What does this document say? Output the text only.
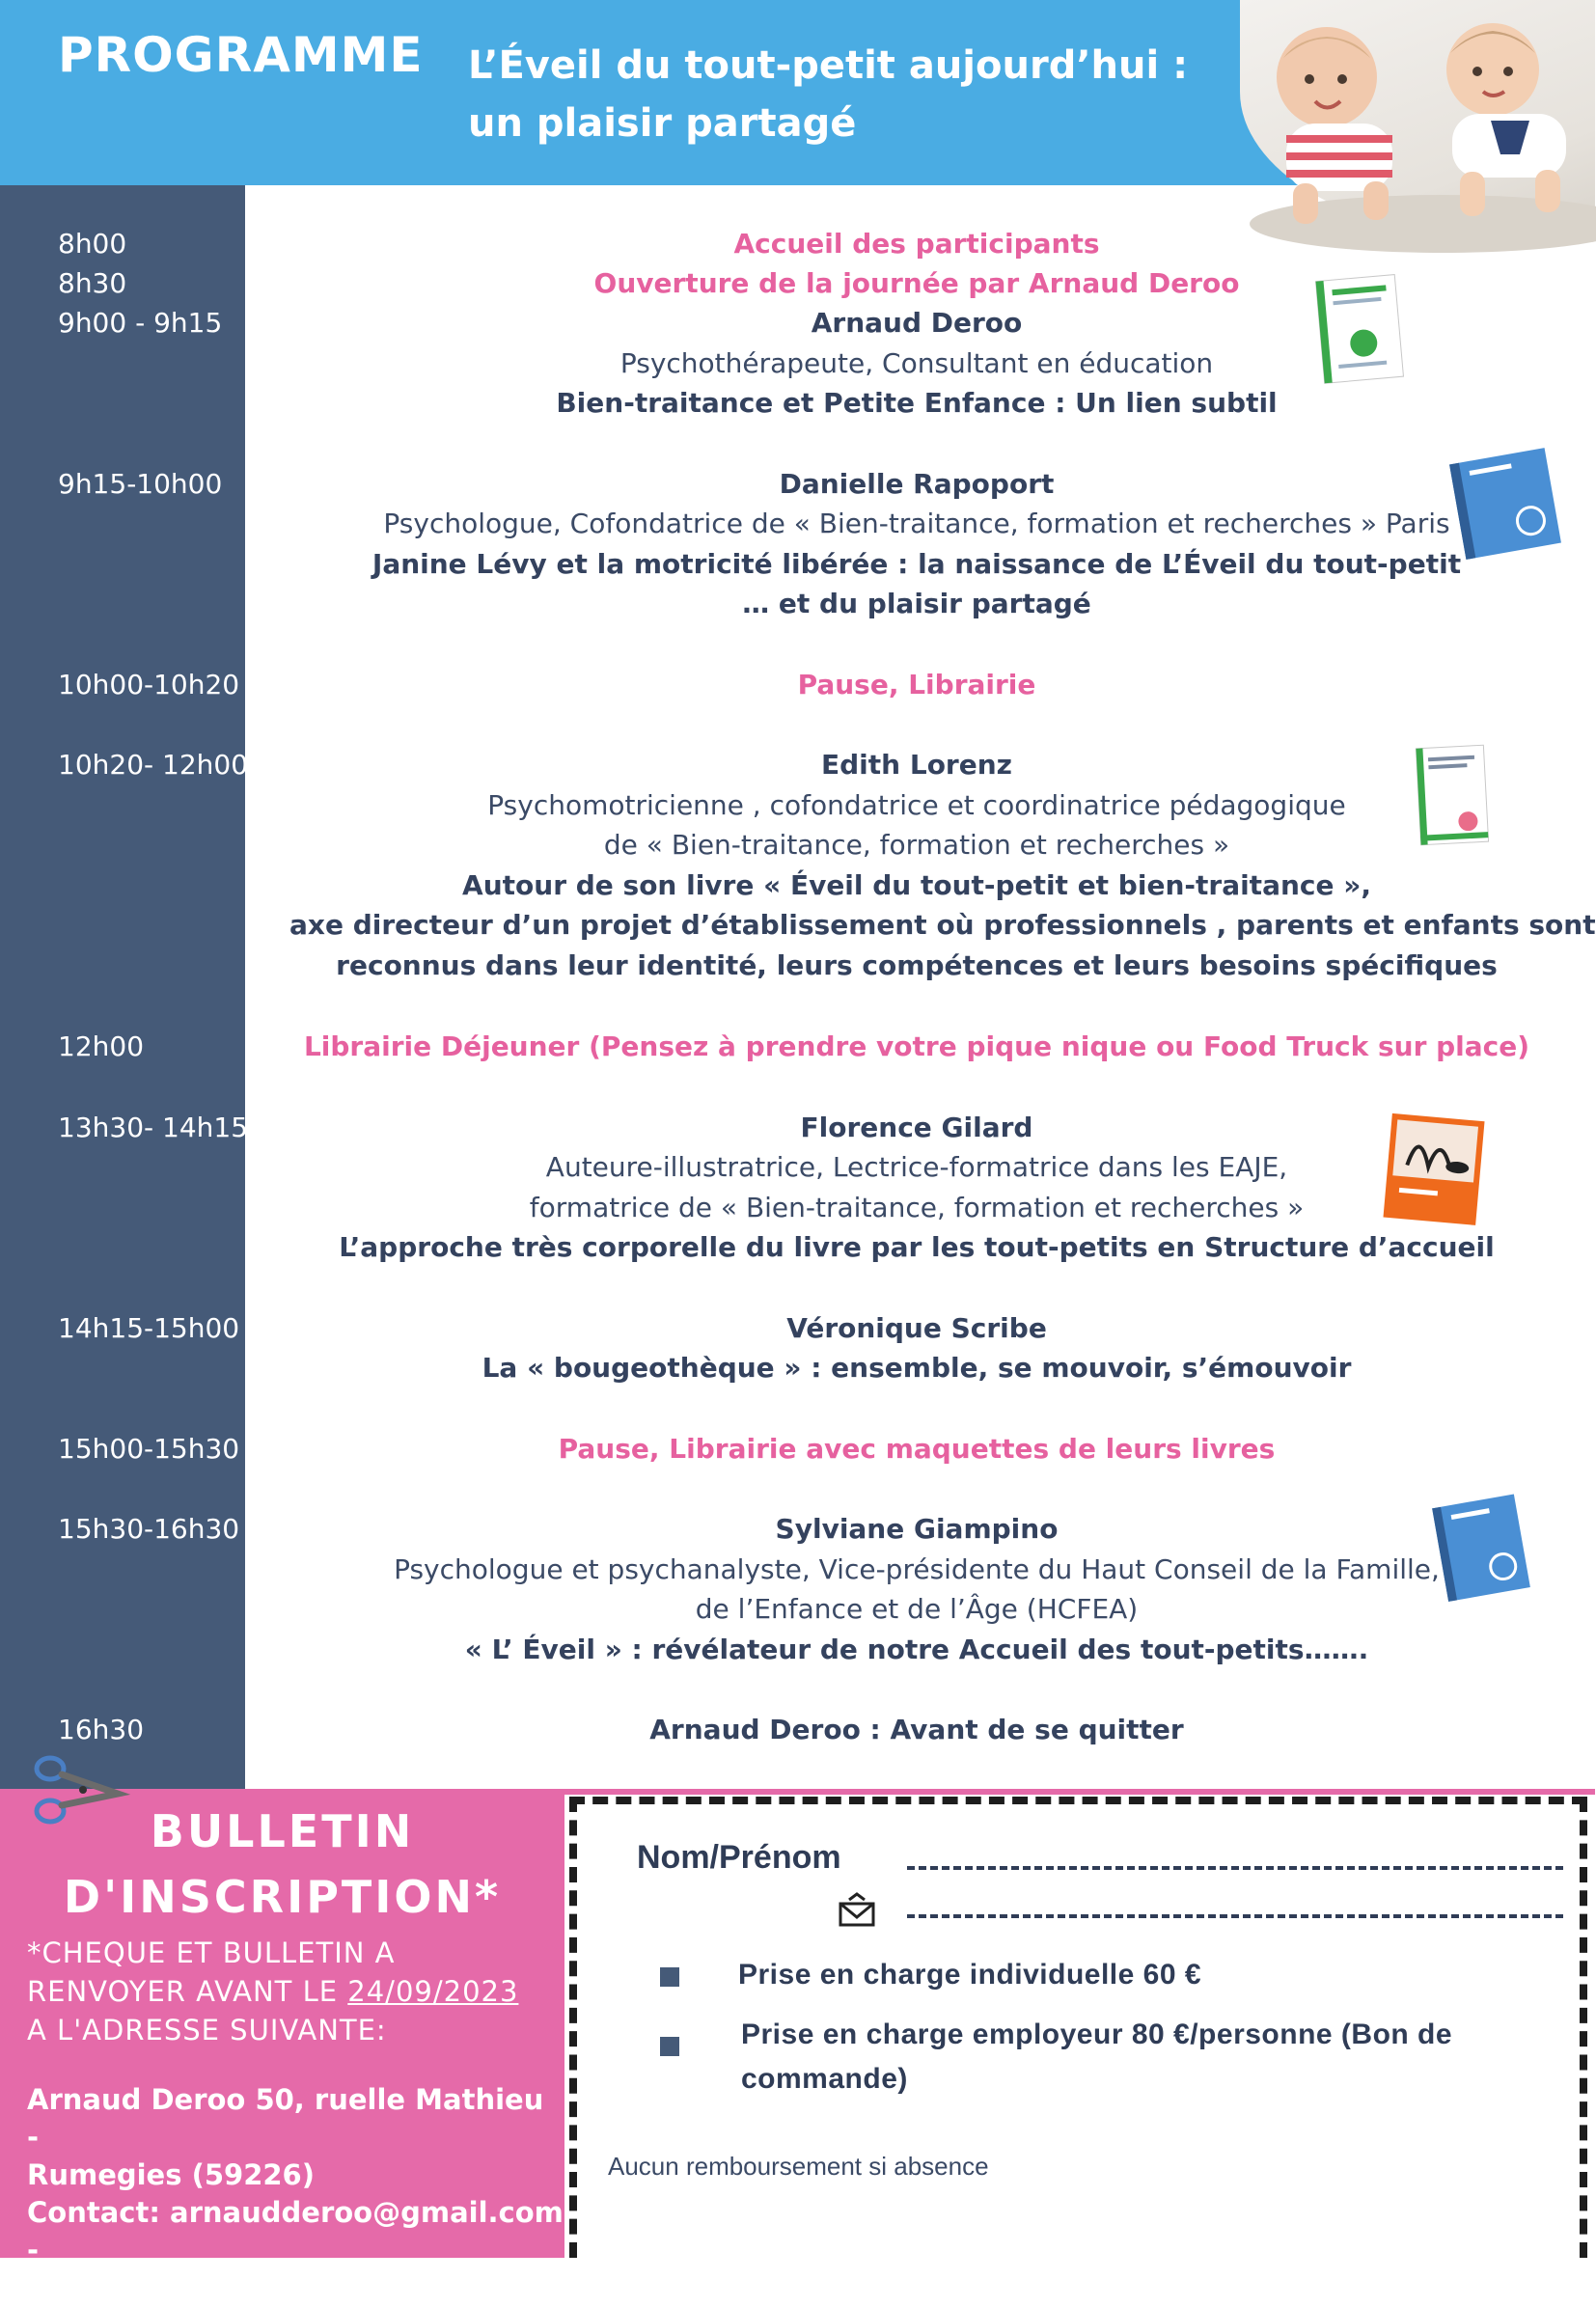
PROGRAMME L’Éveil du tout-petit aujourd’hui :
un plaisir partagé
8h00
8h30
9h00 - 9h15
9h15-10h00
10h00-10h20
10h20- 12h00
12h00
13h30- 14h15
14h15-15h00
15h00-15h30
15h30-16h30
16h30
Accueil des participants
Ouverture de la journée par Arnaud Deroo
Arnaud Deroo
Psychothérapeute, Consultant en éducation
Bien-traitance et Petite Enfance : Un lien subtil
Danielle Rapoport
Psychologue, Cofondatrice de « Bien-traitance, formation et recherches » Paris
Janine Lévy et la motricité libérée : la naissance de L’Éveil du tout-petit
… et du plaisir partagé
Pause, Librairie
Edith Lorenz
Psychomotricienne , cofondatrice et coordinatrice pédagogique
de « Bien-traitance, formation et recherches »
Autour de son livre « Éveil du tout-petit et bien-traitance »,
axe directeur d’un projet d’établissement où professionnels , parents et enfants sont
reconnus dans leur identité, leurs compétences et leurs besoins spécifiques
Librairie Déjeuner (Pensez à prendre votre pique nique ou Food Truck sur place)
Florence Gilard
Auteure-illustratrice, Lectrice-formatrice dans les EAJE,
formatrice de « Bien-traitance, formation et recherches »
L’approche très corporelle du livre par les tout-petits en Structure d’accueil
Véronique Scribe
La « bougeothèque » : ensemble, se mouvoir, s’émouvoir
Pause, Librairie avec maquettes de leurs livres
Sylviane Giampino
Psychologue et psychanalyste, Vice-présidente du Haut Conseil de la Famille,
de l’Enfance et de l’Âge (HCFEA)
« L’ Éveil » : révélateur de notre Accueil des tout-petits…….
Arnaud Deroo : Avant de se quitter
BULLETIN
D'INSCRIPTION*
*CHEQUE ET BULLETIN A
RENVOYER AVANT LE 24/09/2023
A L'ADRESSE SUIVANTE:
Arnaud Deroo 50, ruelle Mathieu -
Rumegies (59226)
Contact: arnaudderoo@gmail.com -
06 23 21 92 41
Nom/Prénom
Prise en charge individuelle 60 €
Prise en charge employeur 80 €/personne (Bon de
commande)
Aucun remboursement si absence
